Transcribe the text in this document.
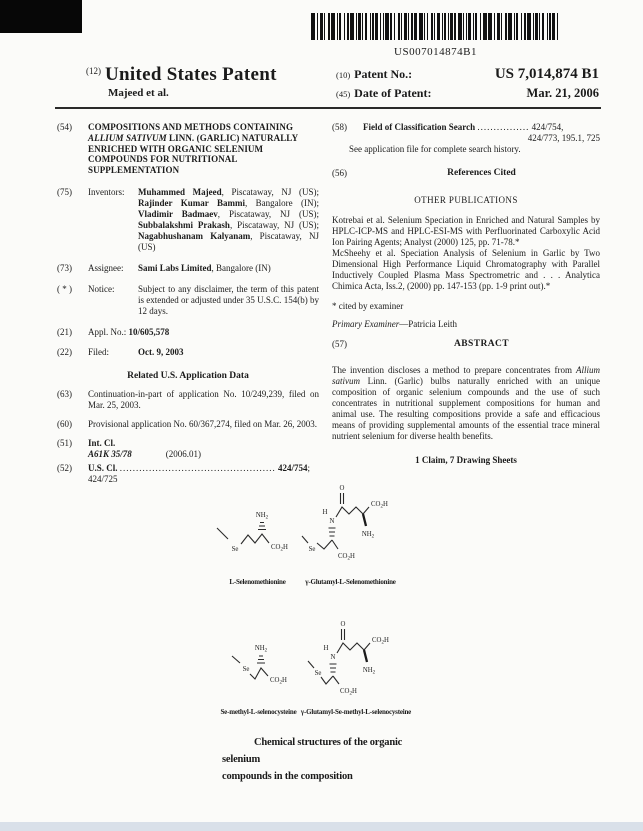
US007014874B1
$^{(12)}$ United States Patent
Majeed et al.
(10) Patent No.:	US 7,014,874 B1
(45) Date of Patent:	Mar. 21, 2006
(54)	COMPOSITIONS AND METHODS CONTAINING ALLIUM SATIVUM LINN. (GARLIC) NATURALLY ENRICHED WITH ORGANIC SELENIUM COMPOUNDS FOR NUTRITIONAL SUPPLEMENTATION
(75)	Inventors:	Muhammed Majeed, Piscataway, NJ (US); Rajinder Kumar Bammi, Bangalore (IN); Vladimir Badmaev, Piscataway, NJ (US); Subbalakshmi Prakash, Piscataway, NJ (US); Nagabhushanam Kalyanam, Piscataway, NJ (US)
(73)	Assignee:	Sami Labs Limited, Bangalore (IN)
( * )	Notice:	Subject to any disclaimer, the term of this patent is extended or adjusted under 35 U.S.C. 154(b) by 12 days.
(21)	Appl. No.: 10/605,578
(22)	Filed:	Oct. 9, 2003
Related U.S. Application Data
(63)	Continuation-in-part of application No. 10/249,239, filed on Mar. 25, 2003.
(60)	Provisional application No. 60/367,274, filed on Mar. 26, 2003.
(51)	Int. Cl.
A61K 35/78	(2006.01)
(52)	U.S. Cl. ................................................ 424/754; 424/725
(58)	Field of Classification Search ................ 424/754,
424/773, 195.1, 725
See application file for complete search history.
(56)	References Cited
OTHER PUBLICATIONS
Kotrebai et al. Selenium Speciation in Enriched and Natural Samples by HPLC-ICP-MS and HPLC-ESI-MS with Perfluorinated Carboxylic Acid Ion Pairing Agents; Analyst (2000) 125, pp. 71-78.*
McSheehy et al. Speciation Analysis of Selenium in Garlic by Two Dimensional High Performance Liquid Chromatography with Parallel Inductively Coupled Plasma Mass Spectrometric and . . . Analytica Chimica Acta, Iss.2, (2000) pp. 147-153 (pp. 1-9 print out).*
* cited by examiner
Primary Examiner—Patricia Leith
(57)	ABSTRACT
The invention discloses a method to prepare concentrates from Allium sativum Linn. (Garlic) bulbs naturally enriched with an unique composition of organic selenium compounds and the use of such concentrates in nutritional supplement compositions for human and animal use. The resulting compositions provide a safe and efficacious means of providing supplemental amounts of the essential trace mineral nutrient selenium for diverse health benefits.
1 Claim, 7 Drawing Sheets
Se
$NH_2$
$CO_2H$
O
H
N
$CO_2H$
$NH_2$
Se
$CO_2H$
L-Selenomethionine	γ-Glutamyl-L-Selenomethionine
Se
$NH_2$
$CO_2H$
O
H
N
$CO_2H$
$NH_2$
Se
$CO_2H$
Se-methyl-L-selenocysteine γ-Glutamyl-Se-methyl-L-selenocysteine
Chemical structures of the organic selenium
compounds in the composition
